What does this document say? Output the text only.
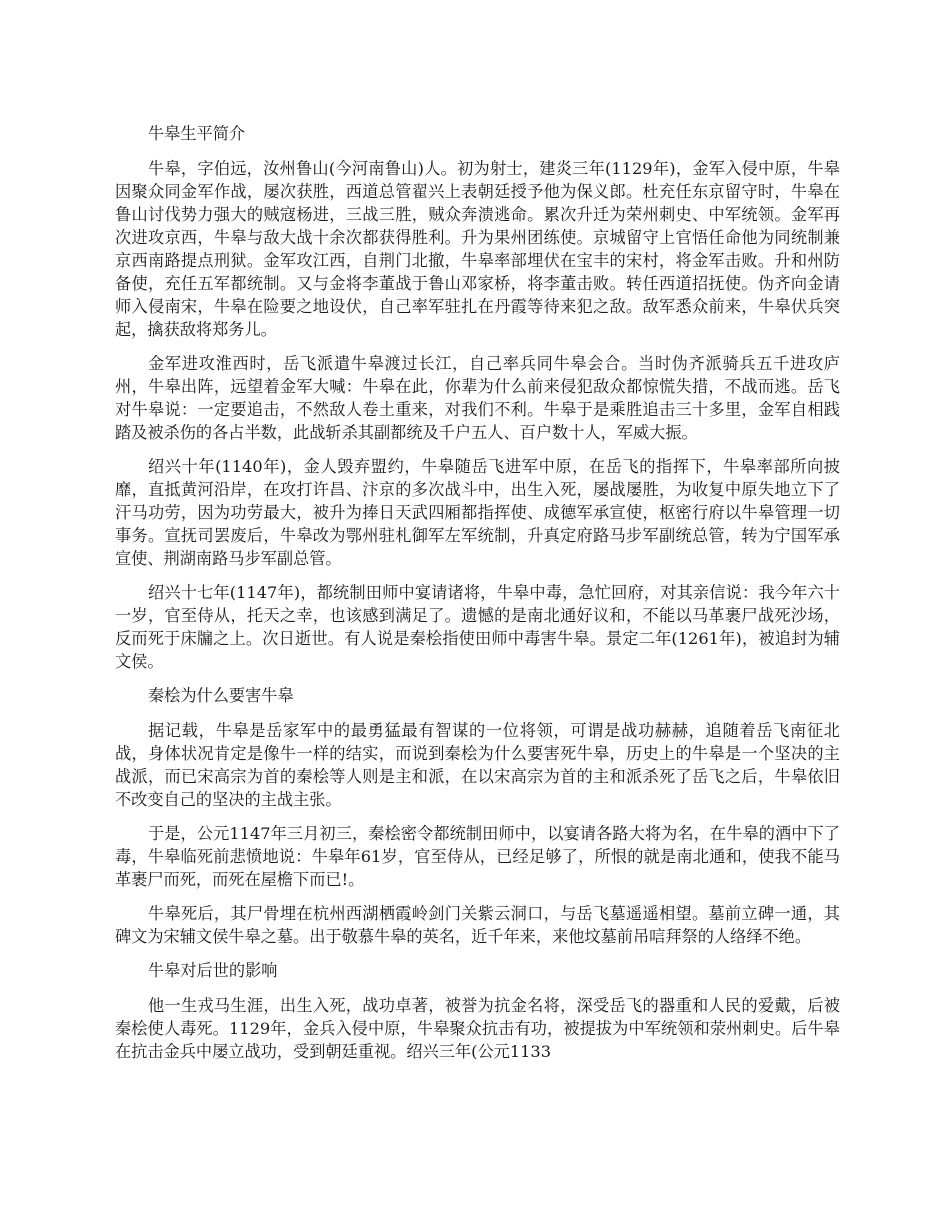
牛皋生平简介

牛皋，字伯远，汝州鲁山(今河南鲁山)人。初为射士，建炎三年(1129年)，金军入侵中原，牛皋因聚众同金军作战，屡次获胜，西道总管翟兴上表朝廷授予他为保义郎。杜充任东京留守时，牛皋在鲁山讨伐势力强大的贼寇杨进，三战三胜，贼众奔溃逃命。累次升迁为荣州刺史、中军统领。金军再次进攻京西，牛皋与敌大战十余次都获得胜利。升为果州团练使。京城留守上官悟任命他为同统制兼京西南路提点刑狱。金军攻江西，自荆门北撤，牛皋率部埋伏在宝丰的宋村，将金军击败。升和州防备使，充任五军都统制。又与金将李董战于鲁山邓家桥，将李董击败。转任西道招抚使。伪齐向金请师入侵南宋，牛皋在险要之地设伏，自己率军驻扎在丹霞等待来犯之敌。敌军悉众前来，牛皋伏兵突起，擒获敌将郑务儿。

金军进攻淮西时，岳飞派遣牛皋渡过长江，自己率兵同牛皋会合。当时伪齐派骑兵五千进攻庐州，牛皋出阵，远望着金军大喊：牛皋在此，你辈为什么前来侵犯敌众都惊慌失措，不战而逃。岳飞对牛皋说：一定要追击，不然敌人卷土重来，对我们不利。牛皋于是乘胜追击三十多里，金军自相践踏及被杀伤的各占半数，此战斩杀其副都统及千户五人、百户数十人，军威大振。

绍兴十年(1140年)，金人毁弃盟约，牛皋随岳飞进军中原，在岳飞的指挥下，牛皋率部所向披靡，直抵黄河沿岸，在攻打许昌、汴京的多次战斗中，出生入死，屡战屡胜，为收复中原失地立下了汗马功劳，因为功劳最大，被升为捧日天武四厢都指挥使、成德军承宣使，枢密行府以牛皋管理一切事务。宣抚司罢废后，牛皋改为鄂州驻札御军左军统制，升真定府路马步军副统总管，转为宁国军承宣使、荆湖南路马步军副总管。

绍兴十七年(1147年)，都统制田师中宴请诸将，牛皋中毒，急忙回府，对其亲信说：我今年六十一岁，官至侍从，托天之幸，也该感到满足了。遗憾的是南北通好议和，不能以马革裹尸战死沙场，反而死于床牖之上。次日逝世。有人说是秦桧指使田师中毒害牛皋。景定二年(1261年)，被追封为辅文侯。

秦桧为什么要害牛皋

据记载，牛皋是岳家军中的最勇猛最有智谋的一位将领，可谓是战功赫赫，追随着岳飞南征北战，身体状况肯定是像牛一样的结实，而说到秦桧为什么要害死牛皋，历史上的牛皋是一个坚决的主战派，而已宋高宗为首的秦桧等人则是主和派，在以宋高宗为首的主和派杀死了岳飞之后，牛皋依旧不改变自己的坚决的主战主张。

于是，公元1147年三月初三，秦桧密令都统制田师中，以宴请各路大将为名，在牛皋的酒中下了毒，牛皋临死前悲愤地说：牛皋年61岁，官至侍从，已经足够了，所恨的就是南北通和，使我不能马革裹尸而死，而死在屋檐下而已!。

牛皋死后，其尸骨埋在杭州西湖栖霞岭剑门关紫云洞口，与岳飞墓遥遥相望。墓前立碑一通，其碑文为宋辅文侯牛皋之墓。出于敬慕牛皋的英名，近千年来，来他坟墓前吊唁拜祭的人络绎不绝。

牛皋对后世的影响

他一生戎马生涯，出生入死，战功卓著，被誉为抗金名将，深受岳飞的器重和人民的爱戴，后被秦桧使人毒死。1129年，金兵入侵中原，牛皋聚众抗击有功，被提拔为中军统领和荥州刺史。后牛皋在抗击金兵中屡立战功，受到朝廷重视。绍兴三年(公元1133
